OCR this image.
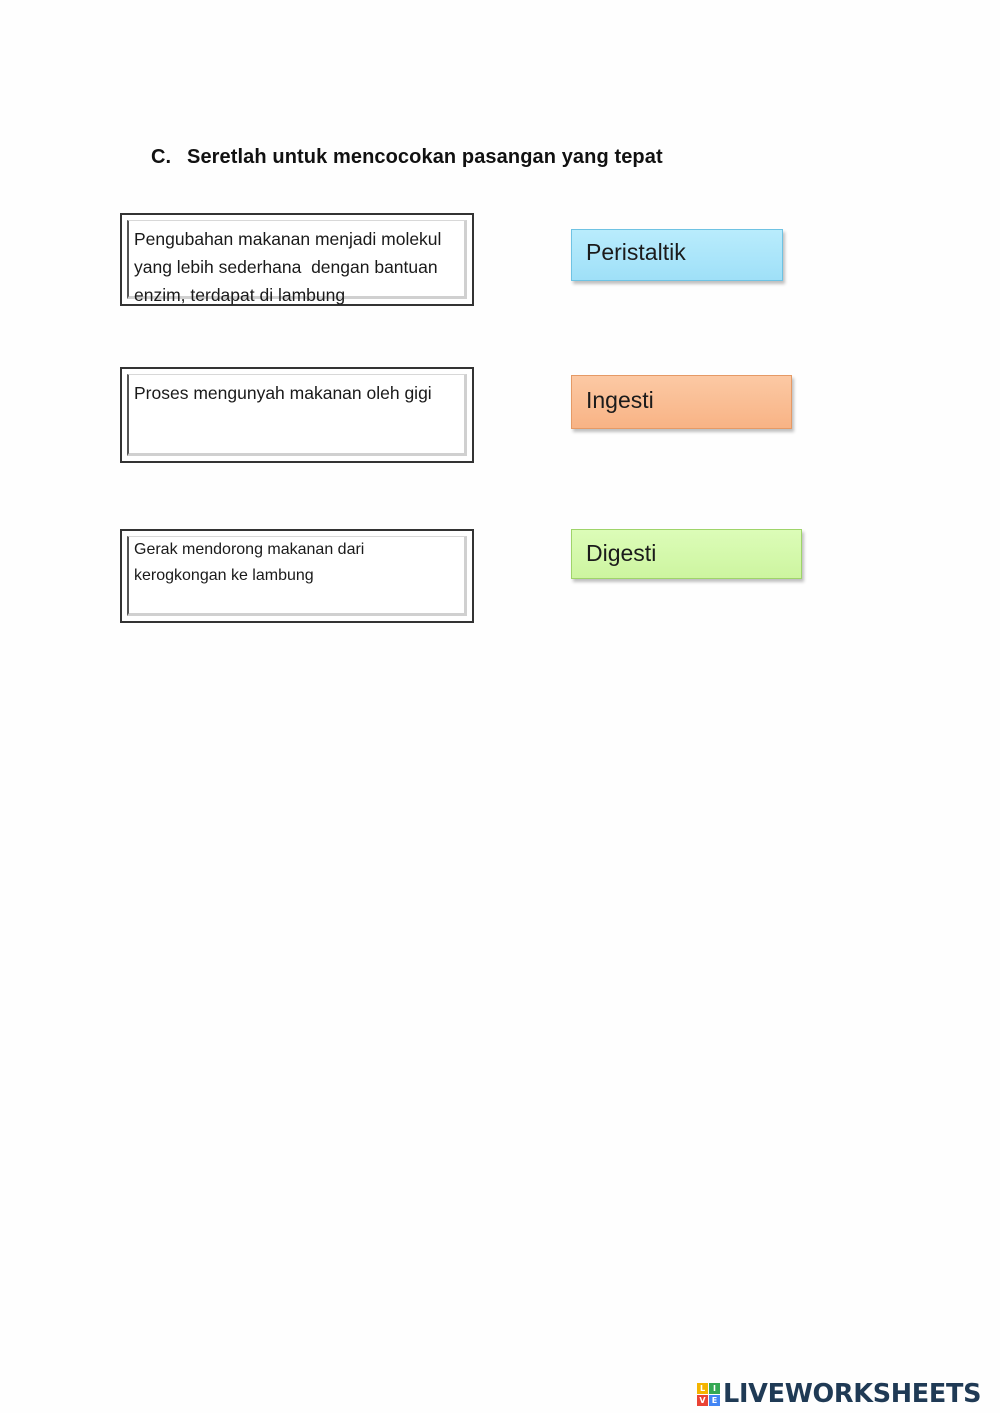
C. Seretlah untuk mencocokan pasangan yang tepat
Pengubahan makanan menjadi molekul
yang lebih sederhana  dengan bantuan
enzim, terdapat di lambung
Proses mengunyah makanan oleh gigi
Gerak mendorong makanan dari
kerogkongan ke lambung
Peristaltik
Ingesti
Digesti
L I
V E LIVEWORKSHEETS
